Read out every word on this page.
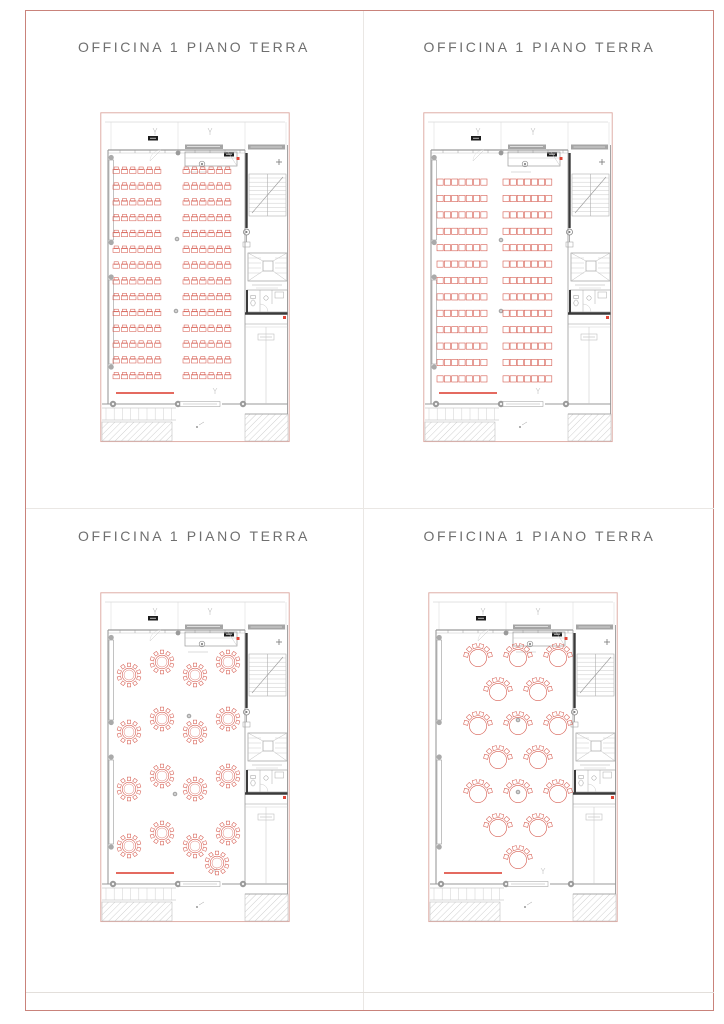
OFFICINA 1 PIANO TERRA	OFFICINA 1 PIANO TERRA
OFFICINA 1 PIANO TERRA	OFFICINA 1 PIANO TERRA
